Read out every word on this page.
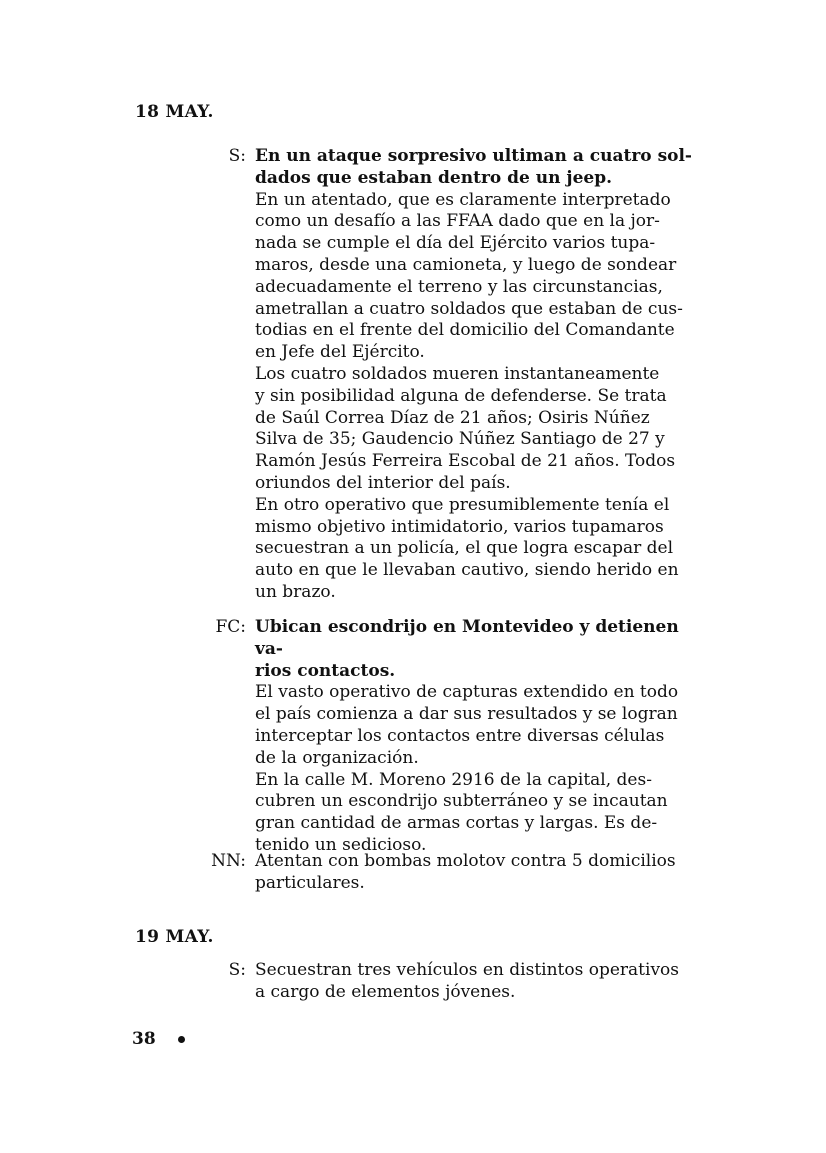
18 MAY.
S: En un ataque sorpresivo ultiman a cuatro sol-
dados que estaban dentro de un jeep.
En un atentado, que es claramente interpretado
como un desafío a las FFAA dado que en la jor-
nada se cumple el día del Ejército varios tupa-
maros, desde una camioneta, y luego de sondear
adecuadamente el terreno y las circunstancias,
ametrallan a cuatro soldados que estaban de cus-
todias en el frente del domicilio del Comandante
en Jefe del Ejército.
Los cuatro soldados mueren instantaneamente
y sin posibilidad alguna de defenderse. Se trata
de Saúl Correa Díaz de 21 años; Osiris Núñez
Silva de 35; Gaudencio Núñez Santiago de 27 y
Ramón Jesús Ferreira Escobal de 21 años. Todos
oriundos del interior del país.
En otro operativo que presumiblemente tenía el
mismo objetivo intimidatorio, varios tupamaros
secuestran a un policía, el que logra escapar del
auto en que le llevaban cautivo, siendo herido en
un brazo.
FC: Ubican escondrijo en Montevideo y detienen va-
rios contactos.
El vasto operativo de capturas extendido en todo
el país comienza a dar sus resultados y se logran
interceptar los contactos entre diversas células
de la organización.
En la calle M. Moreno 2916 de la capital, des-
cubren un escondrijo subterráneo y se incautan
gran cantidad de armas cortas y largas. Es de-
tenido un sedicioso.
NN: Atentan con bombas molotov contra 5 domicilios
particulares.
19 MAY.
S: Secuestran tres vehículos en distintos operativos
a cargo de elementos jóvenes.
38
